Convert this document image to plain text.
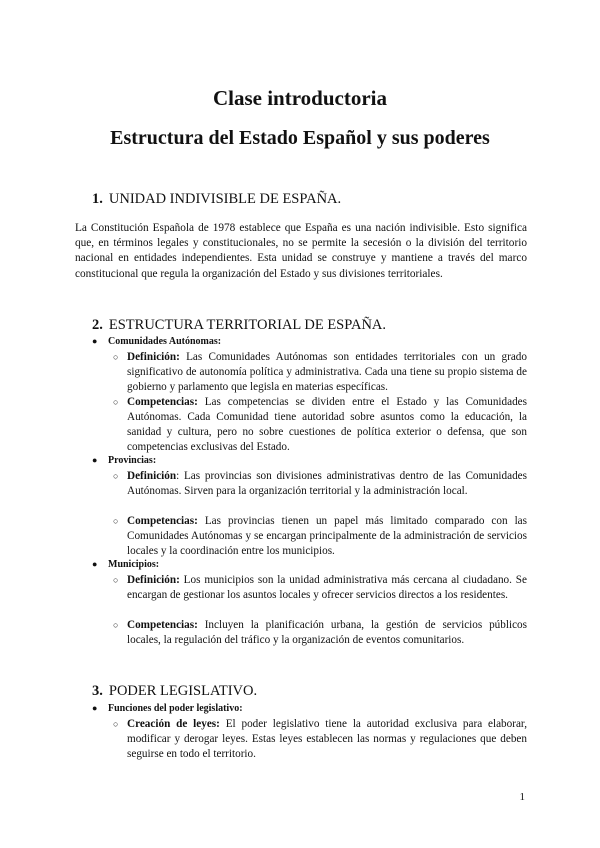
Clase introductoria
Estructura del Estado Español y sus poderes
1. UNIDAD INDIVISIBLE DE ESPAÑA.

La Constitución Española de 1978 establece que España es una nación indivisible. Esto significa que, en términos legales y constitucionales, no se permite la secesión o la división del territorio nacional en entidades independientes. Esta unidad se construye y mantiene a través del marco constitucional que regula la organización del Estado y sus divisiones territoriales.

2. ESTRUCTURA TERRITORIAL DE ESPAÑA.

● Comunidades Autónomas:

○ Definición: Las Comunidades Autónomas son entidades territoriales con un grado significativo de autonomía política y administrativa. Cada una tiene su propio sistema de gobierno y parlamento que legisla en materias específicas.

○ Competencias: Las competencias se dividen entre el Estado y las Comunidades Autónomas. Cada Comunidad tiene autoridad sobre asuntos como la educación, la sanidad y cultura, pero no sobre cuestiones de política exterior o defensa, que son competencias exclusivas del Estado.

● Provincias:

○ Definición: Las provincias son divisiones administrativas dentro de las Comunidades Autónomas. Sirven para la organización territorial y la administración local.

○ Competencias: Las provincias tienen un papel más limitado comparado con las Comunidades Autónomas y se encargan principalmente de la administración de servicios locales y la coordinación entre los municipios.

● Municipios:

○ Definición: Los municipios son la unidad administrativa más cercana al ciudadano. Se encargan de gestionar los asuntos locales y ofrecer servicios directos a los residentes.

○ Competencias: Incluyen la planificación urbana, la gestión de servicios públicos locales, la regulación del tráfico y la organización de eventos comunitarios.

3. PODER LEGISLATIVO.

● Funciones del poder legislativo:

○ Creación de leyes: El poder legislativo tiene la autoridad exclusiva para elaborar, modificar y derogar leyes. Estas leyes establecen las normas y regulaciones que deben seguirse en todo el territorio.

1
